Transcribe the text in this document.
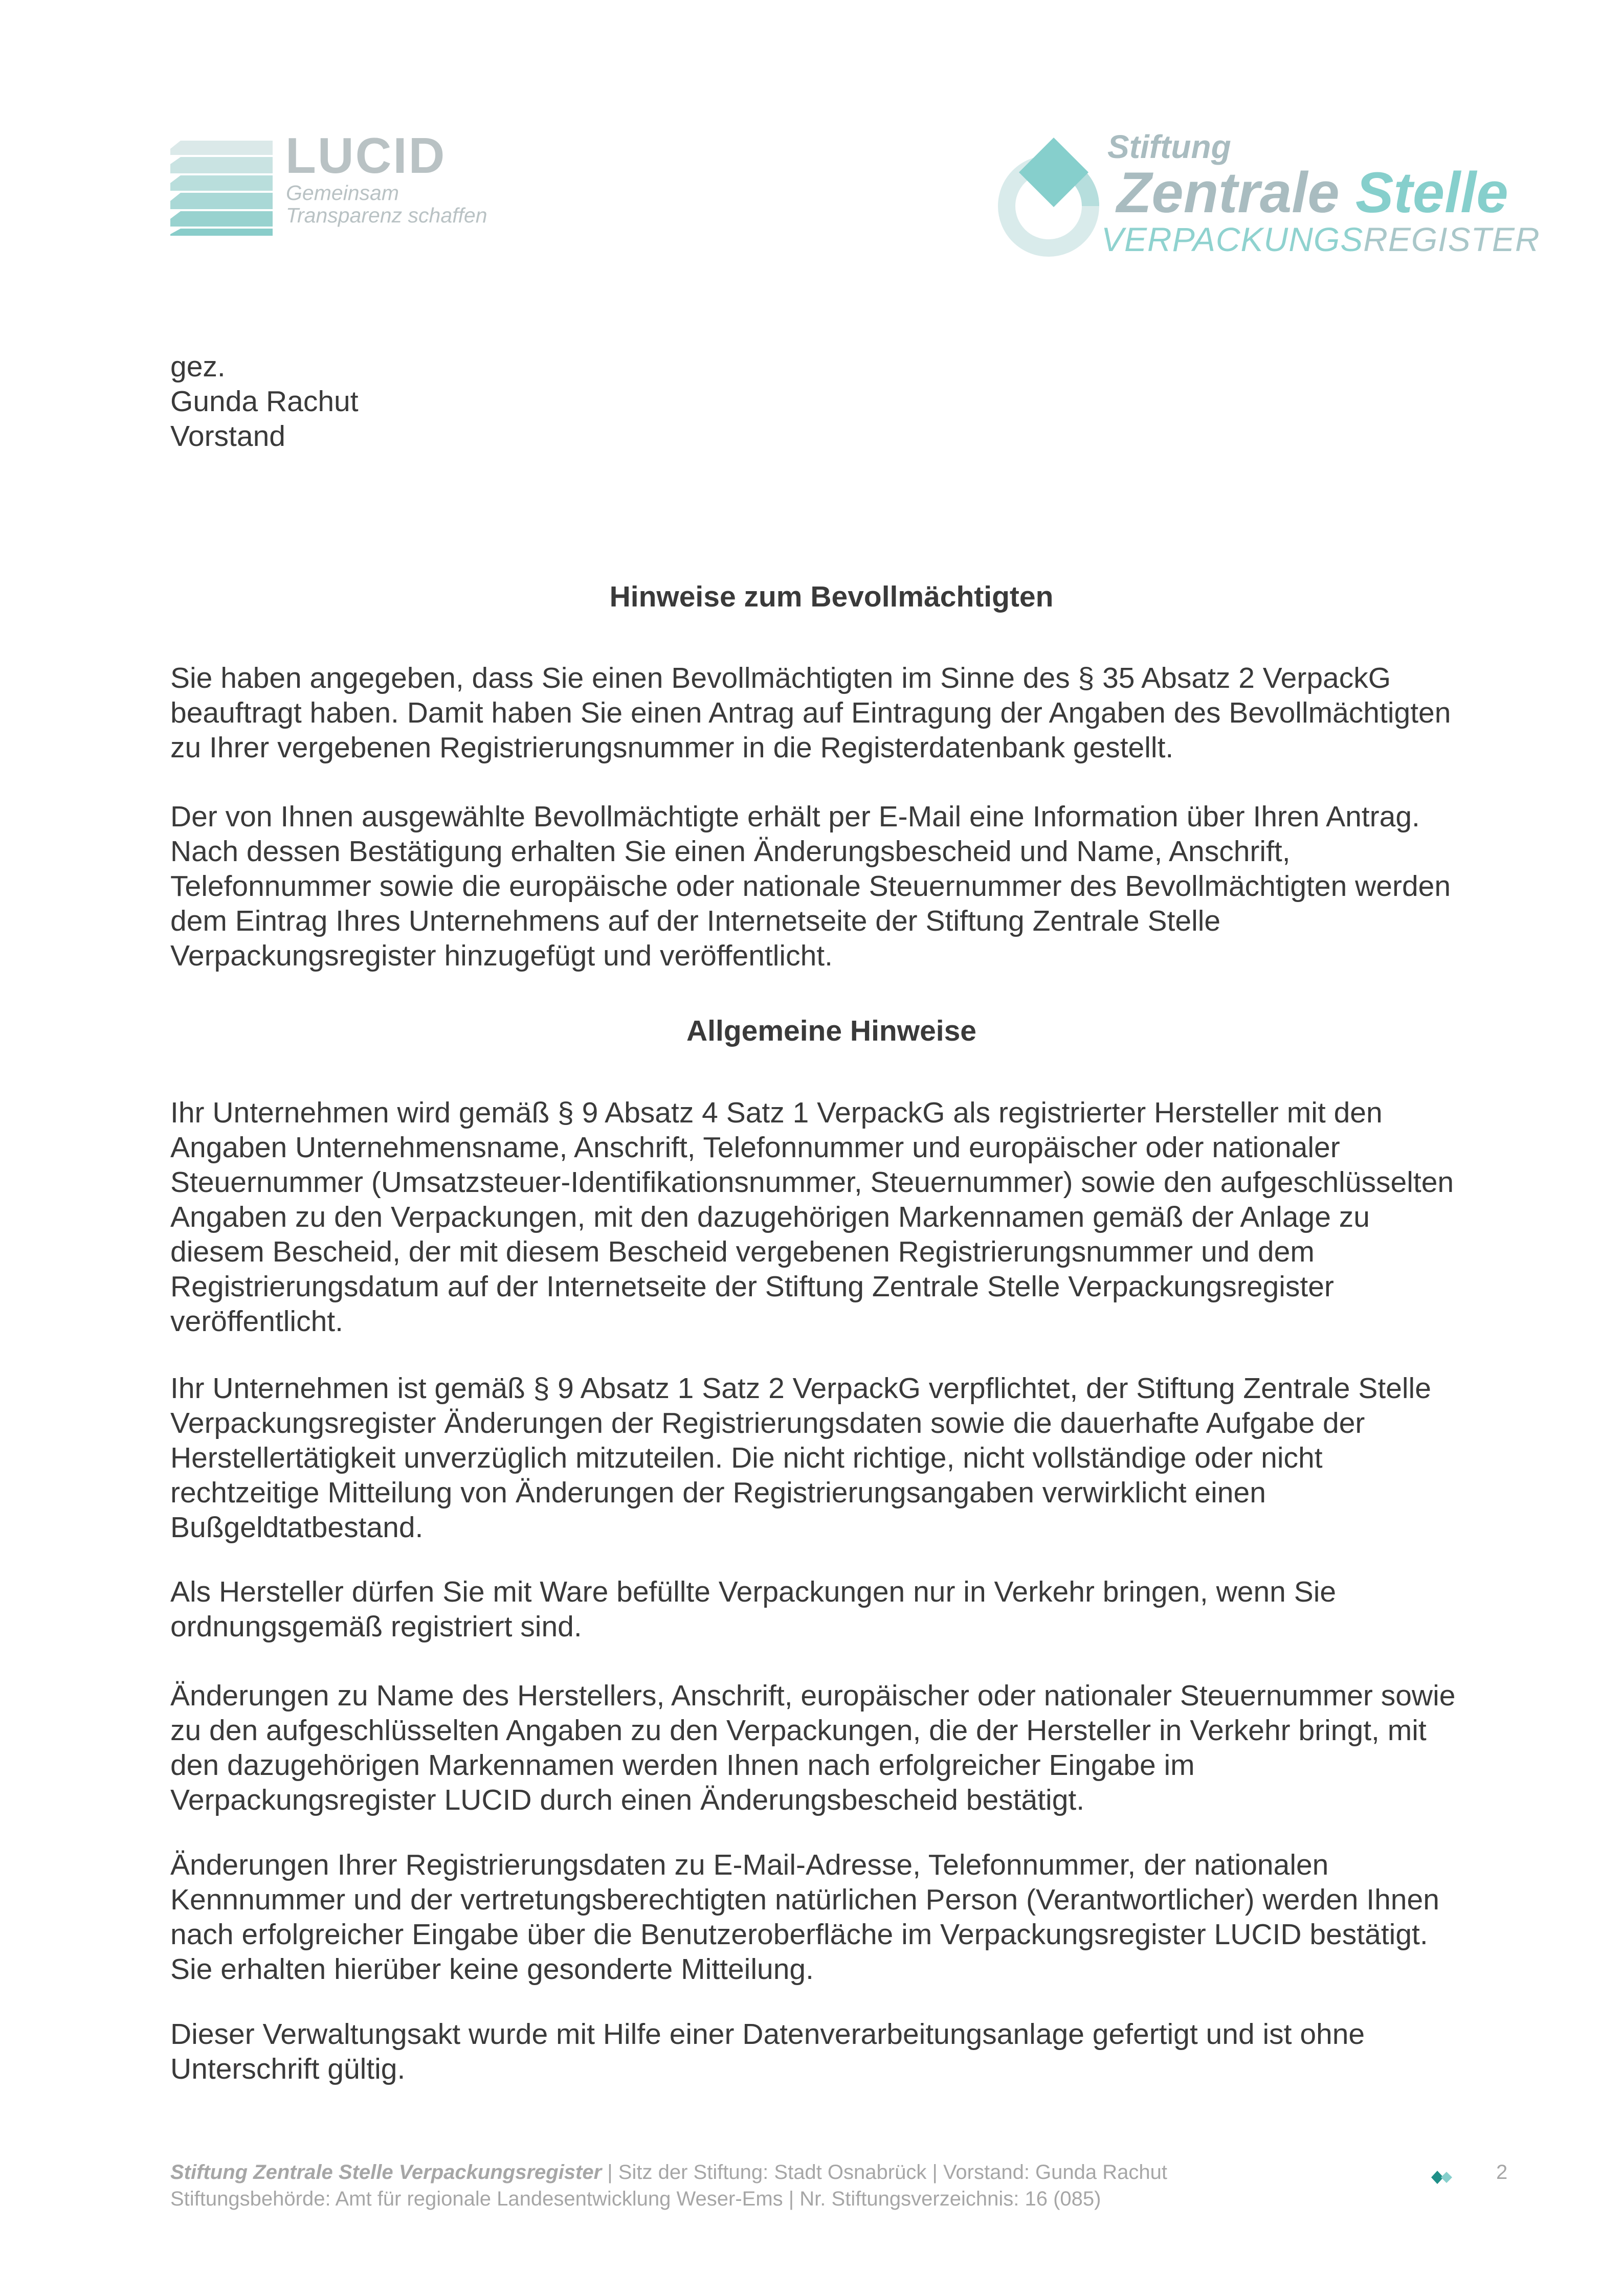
LUCID
Gemeinsam
Transparenz schaffen
Stiftung
Zentrale Stelle
VERPACKUNGSREGISTER
gez.
Gunda Rachut
Vorstand
Hinweise zum Bevollmächtigten
Sie haben angegeben, dass Sie einen Bevollmächtigten im Sinne des § 35 Absatz 2 VerpackG
beauftragt haben. Damit haben Sie einen Antrag auf Eintragung der Angaben des Bevollmächtigten
zu Ihrer vergebenen Registrierungsnummer in die Registerdatenbank gestellt.
Der von Ihnen ausgewählte Bevollmächtigte erhält per E-Mail eine Information über Ihren Antrag.
Nach dessen Bestätigung erhalten Sie einen Änderungsbescheid und Name, Anschrift,
Telefonnummer sowie die europäische oder nationale Steuernummer des Bevollmächtigten werden
dem Eintrag Ihres Unternehmens auf der Internetseite der Stiftung Zentrale Stelle
Verpackungsregister hinzugefügt und veröffentlicht.
Allgemeine Hinweise
Ihr Unternehmen wird gemäß § 9 Absatz 4 Satz 1 VerpackG als registrierter Hersteller mit den
Angaben Unternehmensname, Anschrift, Telefonnummer und europäischer oder nationaler
Steuernummer (Umsatzsteuer-Identifikationsnummer, Steuernummer) sowie den aufgeschlüsselten
Angaben zu den Verpackungen, mit den dazugehörigen Markennamen gemäß der Anlage zu
diesem Bescheid, der mit diesem Bescheid vergebenen Registrierungsnummer und dem
Registrierungsdatum auf der Internetseite der Stiftung Zentrale Stelle Verpackungsregister
veröffentlicht.
Ihr Unternehmen ist gemäß § 9 Absatz 1 Satz 2 VerpackG verpflichtet, der Stiftung Zentrale Stelle
Verpackungsregister Änderungen der Registrierungsdaten sowie die dauerhafte Aufgabe der
Herstellertätigkeit unverzüglich mitzuteilen. Die nicht richtige, nicht vollständige oder nicht
rechtzeitige Mitteilung von Änderungen der Registrierungsangaben verwirklicht einen
Bußgeldtatbestand.
Als Hersteller dürfen Sie mit Ware befüllte Verpackungen nur in Verkehr bringen, wenn Sie
ordnungsgemäß registriert sind.
Änderungen zu Name des Herstellers, Anschrift, europäischer oder nationaler Steuernummer sowie
zu den aufgeschlüsselten Angaben zu den Verpackungen, die der Hersteller in Verkehr bringt, mit
den dazugehörigen Markennamen werden Ihnen nach erfolgreicher Eingabe im
Verpackungsregister LUCID durch einen Änderungsbescheid bestätigt.
Änderungen Ihrer Registrierungsdaten zu E-Mail-Adresse, Telefonnummer, der nationalen
Kennnummer und der vertretungsberechtigten natürlichen Person (Verantwortlicher) werden Ihnen
nach erfolgreicher Eingabe über die Benutzeroberfläche im Verpackungsregister LUCID bestätigt.
Sie erhalten hierüber keine gesonderte Mitteilung.
Dieser Verwaltungsakt wurde mit Hilfe einer Datenverarbeitungsanlage gefertigt und ist ohne
Unterschrift gültig.
Stiftung Zentrale Stelle Verpackungsregister | Sitz der Stiftung: Stadt Osnabrück | Vorstand: Gunda Rachut
Stiftungsbehörde: Amt für regionale Landesentwicklung Weser-Ems | Nr. Stiftungsverzeichnis: 16 (085)
2
